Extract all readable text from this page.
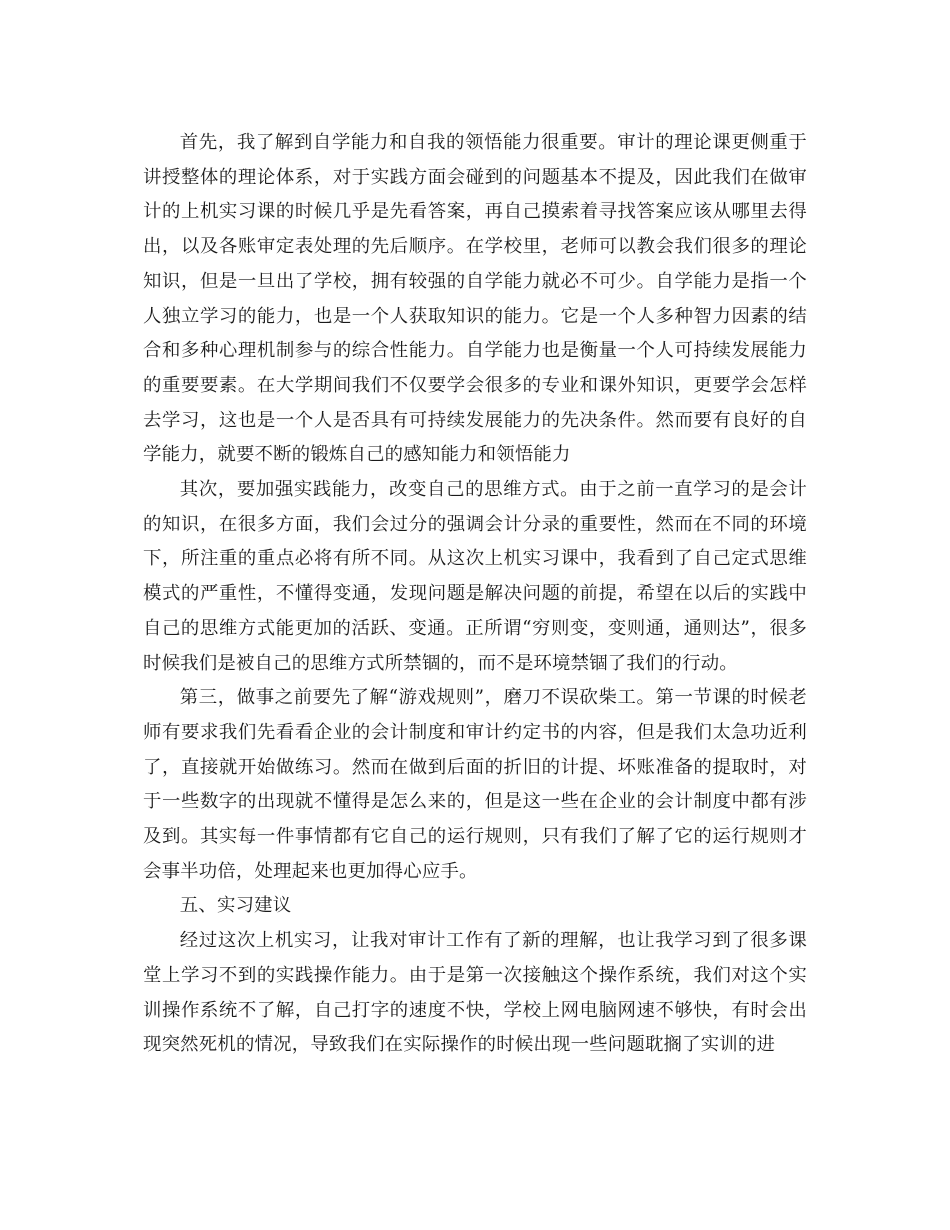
首先，我了解到自学能力和自我的领悟能力很重要。审计的理论课更侧重于讲授整体的理论体系，对于实践方面会碰到的问题基本不提及，因此我们在做审计的上机实习课的时候几乎是先看答案，再自己摸索着寻找答案应该从哪里去得出，以及各账审定表处理的先后顺序。在学校里，老师可以教会我们很多的理论知识，但是一旦出了学校，拥有较强的自学能力就必不可少。自学能力是指一个人独立学习的能力，也是一个人获取知识的能力。它是一个人多种智力因素的结合和多种心理机制参与的综合性能力。自学能力也是衡量一个人可持续发展能力的重要要素。在大学期间我们不仅要学会很多的专业和课外知识，更要学会怎样去学习，这也是一个人是否具有可持续发展能力的先决条件。然而要有良好的自学能力，就要不断的锻炼自己的感知能力和领悟能力

其次，要加强实践能力，改变自己的思维方式。由于之前一直学习的是会计的知识，在很多方面，我们会过分的强调会计分录的重要性，然而在不同的环境下，所注重的重点必将有所不同。从这次上机实习课中，我看到了自己定式思维模式的严重性，不懂得变通，发现问题是解决问题的前提，希望在以后的实践中自己的思维方式能更加的活跃、变通。正所谓“穷则变，变则通，通则达”，很多时候我们是被自己的思维方式所禁锢的，而不是环境禁锢了我们的行动。

第三，做事之前要先了解“游戏规则”，磨刀不误砍柴工。第一节课的时候老师有要求我们先看看企业的会计制度和审计约定书的内容，但是我们太急功近利了，直接就开始做练习。然而在做到后面的折旧的计提、坏账准备的提取时，对于一些数字的出现就不懂得是怎么来的，但是这一些在企业的会计制度中都有涉及到。其实每一件事情都有它自己的运行规则，只有我们了解了它的运行规则才会事半功倍，处理起来也更加得心应手。

五、实习建议

经过这次上机实习，让我对审计工作有了新的理解，也让我学习到了很多课堂上学习不到的实践操作能力。由于是第一次接触这个操作系统，我们对这个实训操作系统不了解，自己打字的速度不快，学校上网电脑网速不够快，有时会出现突然死机的情况，导致我们在实际操作的时候出现一些问题耽搁了实训的进
